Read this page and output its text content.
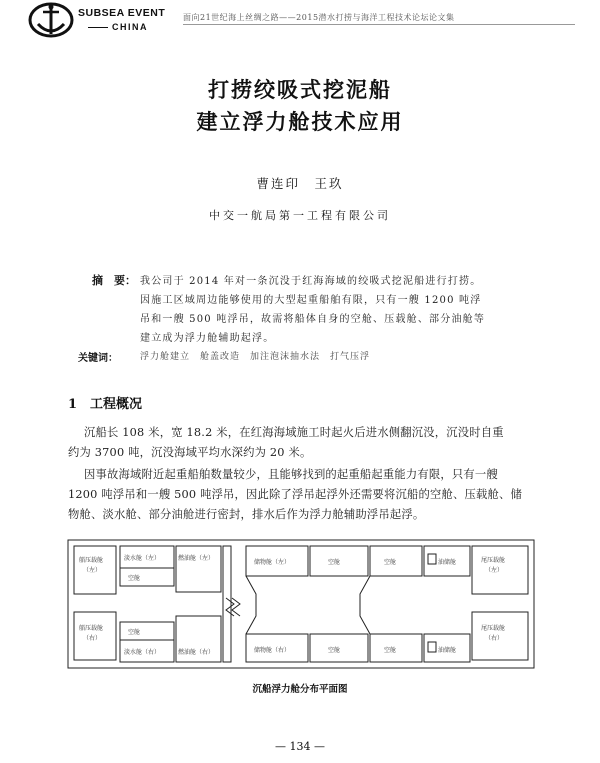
SUBSEA EVENT
CHINA
面向21世纪海上丝绸之路——2015潜水打捞与海洋工程技术论坛论文集
打捞绞吸式挖泥船
建立浮力舱技术应用
曹连印　王玖
中交一航局第一工程有限公司
摘　要： 我公司于 2014 年对一条沉没于红海海域的绞吸式挖泥船进行打捞。
因施工区域周边能够使用的大型起重船舶有限，只有一艘 1200 吨浮
吊和一艘 500 吨浮吊，故需将船体自身的空舱、压载舱、部分油舱等
建立成为浮力舱辅助起浮。
关键词： 浮力舱建立　舱盖改造　加注泡沫抽水法　打气压浮
1　工程概况
沉船长 108 米，宽 18.2 米，在红海海域施工时起火后进水侧翻沉没，沉没时自重
约为 3700 吨，沉没海域平均水深约为 20 米。
因事故海域附近起重船舶数量较少，且能够找到的起重船起重能力有限，只有一艘
1200 吨浮吊和一艘 500 吨浮吊，因此除了浮吊起浮外还需要将沉船的空舱、压载舱、储
物舱、淡水舱、部分油舱进行密封，排水后作为浮力舱辅助浮吊起浮。
艏压载舱
（左）
艏压载舱
（右）
淡水舱（左）
淡水舱（右）
空舱
空舱
燃油舱（左）
燃油舱（右）
储物舱（左）
储物舱（右）
空舱
空舱
油储舱
油储舱
尾压载舱
（左）
尾压载舱
（右）
空舱
空舱
沉船浮力舱分布平面图
— 134 —
